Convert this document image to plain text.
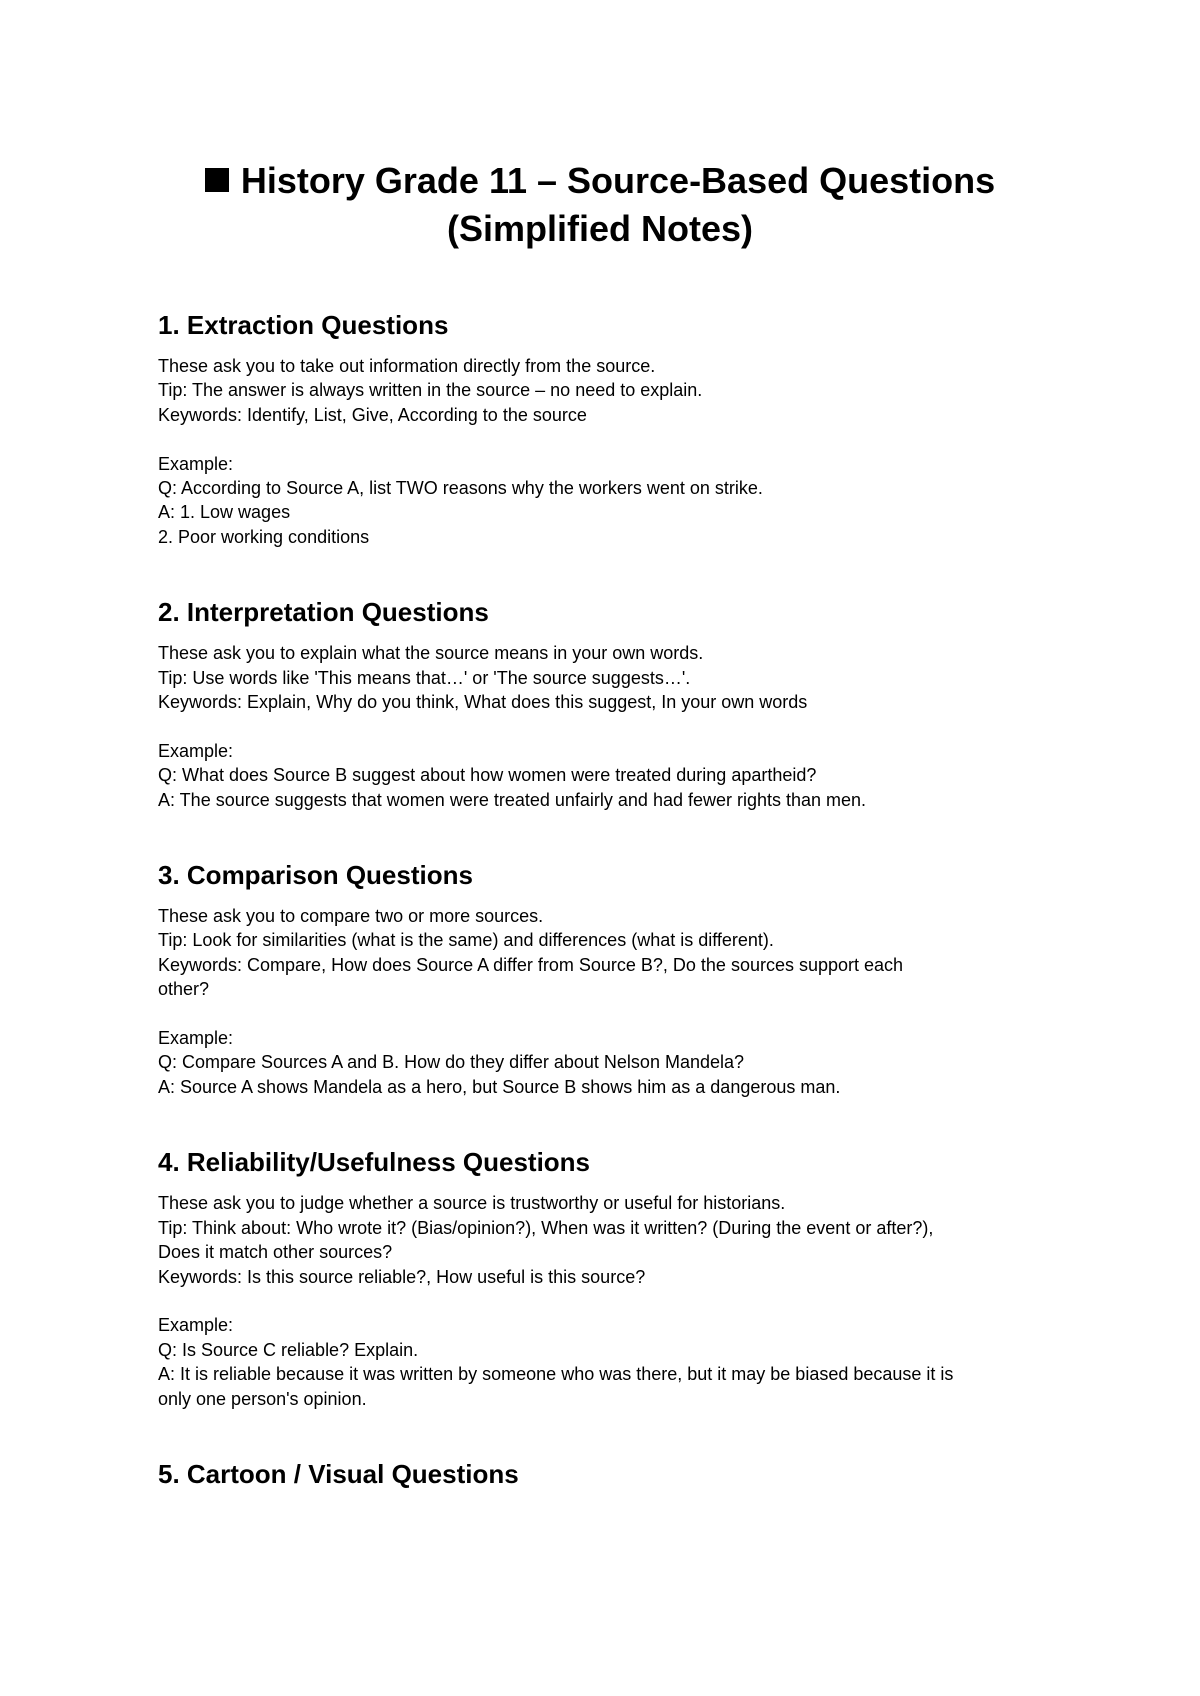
History Grade 11 – Source-Based Questions

(Simplified Notes)

1. Extraction Questions

These ask you to take out information directly from the source.

Tip: The answer is always written in the source – no need to explain.

Keywords: Identify, List, Give, According to the source

Example:

Q: According to Source A, list TWO reasons why the workers went on strike.

A: 1. Low wages

2. Poor working conditions

2. Interpretation Questions

These ask you to explain what the source means in your own words.

Tip: Use words like 'This means that…' or 'The source suggests…'.

Keywords: Explain, Why do you think, What does this suggest, In your own words

Example:

Q: What does Source B suggest about how women were treated during apartheid?

A: The source suggests that women were treated unfairly and had fewer rights than men.

3. Comparison Questions

These ask you to compare two or more sources.

Tip: Look for similarities (what is the same) and differences (what is different).

Keywords: Compare, How does Source A differ from Source B?, Do the sources support each

other?

Example:

Q: Compare Sources A and B. How do they differ about Nelson Mandela?

A: Source A shows Mandela as a hero, but Source B shows him as a dangerous man.

4. Reliability/Usefulness Questions

These ask you to judge whether a source is trustworthy or useful for historians.

Tip: Think about: Who wrote it? (Bias/opinion?), When was it written? (During the event or after?),

Does it match other sources?

Keywords: Is this source reliable?, How useful is this source?

Example:

Q: Is Source C reliable? Explain.

A: It is reliable because it was written by someone who was there, but it may be biased because it is

only one person's opinion.

5. Cartoon / Visual Questions
